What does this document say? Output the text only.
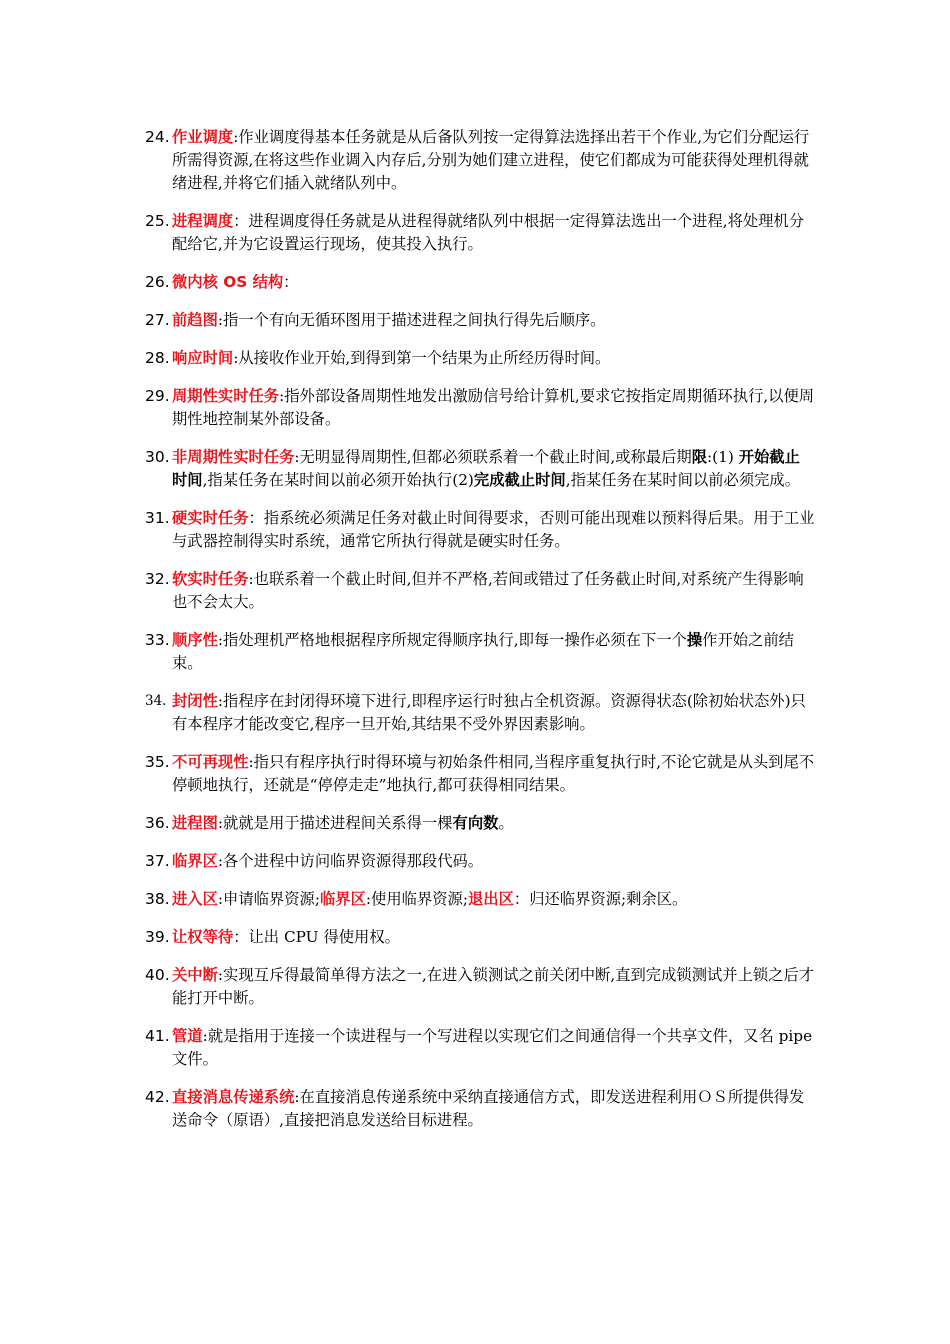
24. 作业调度:作业调度得基本任务就是从后备队列按一定得算法选择出若干个作业,为它们分配运行所需得资源,在将这些作业调入内存后,分别为她们建立进程，使它们都成为可能获得处理机得就绪进程,并将它们插入就绪队列中。
25. 进程调度：进程调度得任务就是从进程得就绪队列中根据一定得算法选出一个进程,将处理机分配给它,并为它设置运行现场，使其投入执行。
26. 微内核 OS 结构：
27. 前趋图:指一个有向无循环图用于描述进程之间执行得先后顺序。
28. 响应时间:从接收作业开始,到得到第一个结果为止所经历得时间。
29. 周期性实时任务:指外部设备周期性地发出激励信号给计算机,要求它按指定周期循环执行,以便周期性地控制某外部设备。
30. 非周期性实时任务:无明显得周期性,但都必须联系着一个截止时间,或称最后期限:(1) 开始截止时间,指某任务在某时间以前必须开始执行(2)完成截止时间,指某任务在某时间以前必须完成。
31. 硬实时任务：指系统必须满足任务对截止时间得要求，否则可能出现难以预料得后果。用于工业与武器控制得实时系统，通常它所执行得就是硬实时任务。
32. 软实时任务:也联系着一个截止时间,但并不严格,若间或错过了任务截止时间,对系统产生得影响也不会太大。
33. 顺序性:指处理机严格地根据程序所规定得顺序执行,即每一操作必须在下一个操作开始之前结束。
34. 封闭性:指程序在封闭得环境下进行,即程序运行时独占全机资源。资源得状态(除初始状态外)只有本程序才能改变它,程序一旦开始,其结果不受外界因素影响。
35. 不可再现性:指只有程序执行时得环境与初始条件相同,当程序重复执行时,不论它就是从头到尾不停顿地执行，还就是“停停走走”地执行,都可获得相同结果。
36. 进程图:就就是用于描述进程间关系得一棵有向数。
37. 临界区:各个进程中访问临界资源得那段代码。
38. 进入区:申请临界资源;临界区:使用临界资源;退出区：归还临界资源;剩余区。
39. 让权等待：让出 CPU 得使用权。
40. 关中断:实现互斥得最简单得方法之一,在进入锁测试之前关闭中断,直到完成锁测试并上锁之后才能打开中断。
41. 管道:就是指用于连接一个读进程与一个写进程以实现它们之间通信得一个共享文件，又名 pipe 文件。
42. 直接消息传递系统:在直接消息传递系统中采纳直接通信方式，即发送进程利用ＯＳ所提供得发送命令（原语）,直接把消息发送给目标进程。
